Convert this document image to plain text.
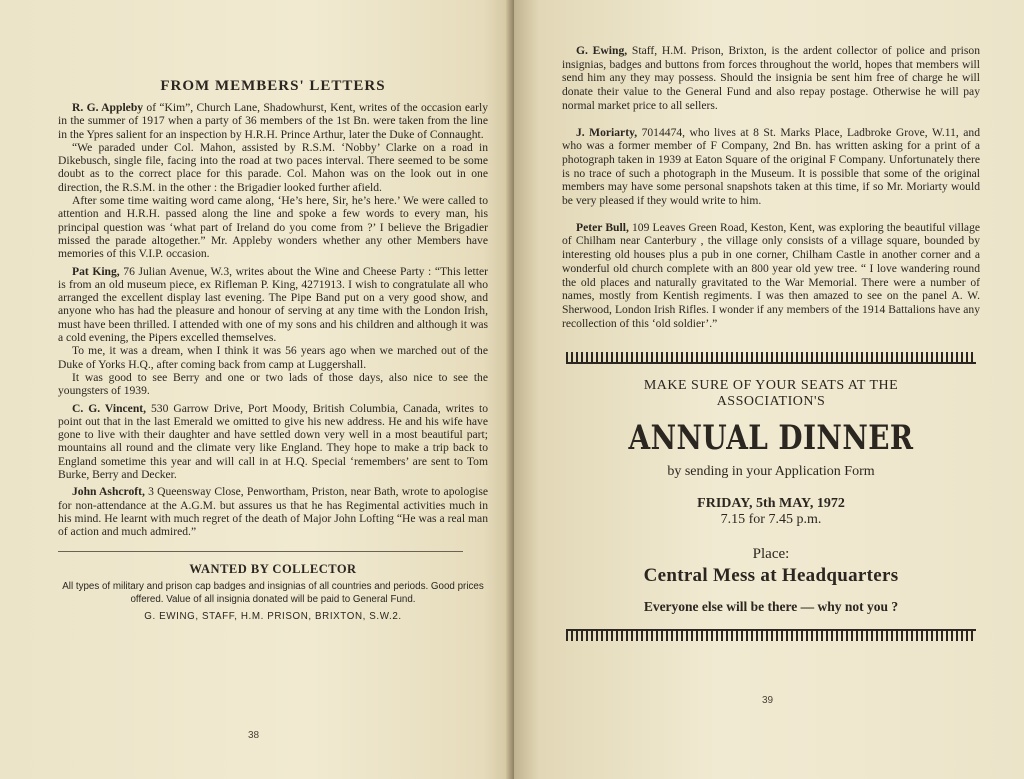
FROM MEMBERS' LETTERS

R. G. Appleby of “Kim”, Church Lane, Shadowhurst, Kent, writes of the occasion early in the summer of 1917 when a party of 36 members of the 1st Bn. were taken from the line in the Ypres salient for an inspection by H.R.H. Prince Arthur, later the Duke of Connaught.

“We paraded under Col. Mahon, assisted by R.S.M. ‘Nobby’ Clarke on a road in Dikebusch, single file, facing into the road at two paces interval. There seemed to be some doubt as to the correct place for this parade. Col. Mahon was on the look out in one direction, the R.S.M. in the other : the Brigadier looked further afield.

After some time waiting word came along, ‘He’s here, Sir, he’s here.’ We were called to attention and H.R.H. passed along the line and spoke a few words to every man, his principal question was ‘what part of Ireland do you come from ?’ I believe the Brigadier missed the parade altogether.” Mr. Appleby wonders whether any other Members have memories of this V.I.P. occasion.

Pat King, 76 Julian Avenue, W.3, writes about the Wine and Cheese Party : “This letter is from an old museum piece, ex Rifleman P. King, 4271913. I wish to congratulate all who arranged the excellent display last evening. The Pipe Band put on a very good show, and anyone who has had the pleasure and honour of serving at any time with the London Irish, must have been thrilled. I attended with one of my sons and his children and although it was a cold evening, the Pipers excelled themselves.

To me, it was a dream, when I think it was 56 years ago when we marched out of the Duke of Yorks H.Q., after coming back from camp at Luggershall.

It was good to see Berry and one or two lads of those days, also nice to see the youngsters of 1939.

C. G. Vincent, 530 Garrow Drive, Port Moody, British Columbia, Canada, writes to point out that in the last Emerald we omitted to give his new address. He and his wife have gone to live with their daughter and have settled down very well in a most beautiful part; mountains all round and the climate very like England. They hope to make a trip back to England sometime this year and will call in at H.Q. Special ‘remembers’ are sent to Tom Burke, Berry and Decker.

John Ashcroft, 3 Queensway Close, Penwortham, Priston, near Bath, wrote to apologise for non-attendance at the A.G.M. but assures us that he has Regimental activities much in his mind. He learnt with much regret of the death of Major John Lofting “He was a real man of action and much admired.”

WANTED BY COLLECTOR

All types of military and prison cap badges and insignias of all countries and periods. Good prices offered. Value of all insignia donated will be paid to General Fund.

G. EWING, STAFF, H.M. PRISON, BRIXTON, S.W.2.

38

G. Ewing, Staff, H.M. Prison, Brixton, is the ardent collector of police and prison insignias, badges and buttons from forces throughout the world, hopes that members will send him any they may possess. Should the insignia be sent him free of charge he will donate their value to the General Fund and also repay postage. Otherwise he will pay normal market price to all sellers.

J. Moriarty, 7014474, who lives at 8 St. Marks Place, Ladbroke Grove, W.11, and who was a former member of F Company, 2nd Bn. has written asking for a print of a photograph taken in 1939 at Eaton Square of the original F Company. Unfortunately there is no trace of such a photograph in the Museum. It is possible that some of the original members may have some personal snapshots taken at this time, if so Mr. Moriarty would be very pleased if they would write to him.

Peter Bull, 109 Leaves Green Road, Keston, Kent, was exploring the beautiful village of Chilham near Canterbury , the village only consists of a village square, bounded by interesting old houses plus a pub in one corner, Chilham Castle in another corner and a wonderful old church complete with an 800 year old yew tree. “ I love wandering round the old places and naturally gravitated to the War Memorial. There were a number of names, mostly from Kentish regiments. I was then amazed to see on the panel A. W. Sherwood, London Irish Rifles. I wonder if any members of the 1914 Battalions have any recollection of this ‘old soldier’.”

MAKE SURE OF YOUR SEATS AT THE

ASSOCIATION'S

ANNUAL DINNER

by sending in your Application Form

FRIDAY, 5th MAY, 1972

7.15 for 7.45 p.m.

Place:

Central Mess at Headquarters

Everyone else will be there — why not you ?

39
